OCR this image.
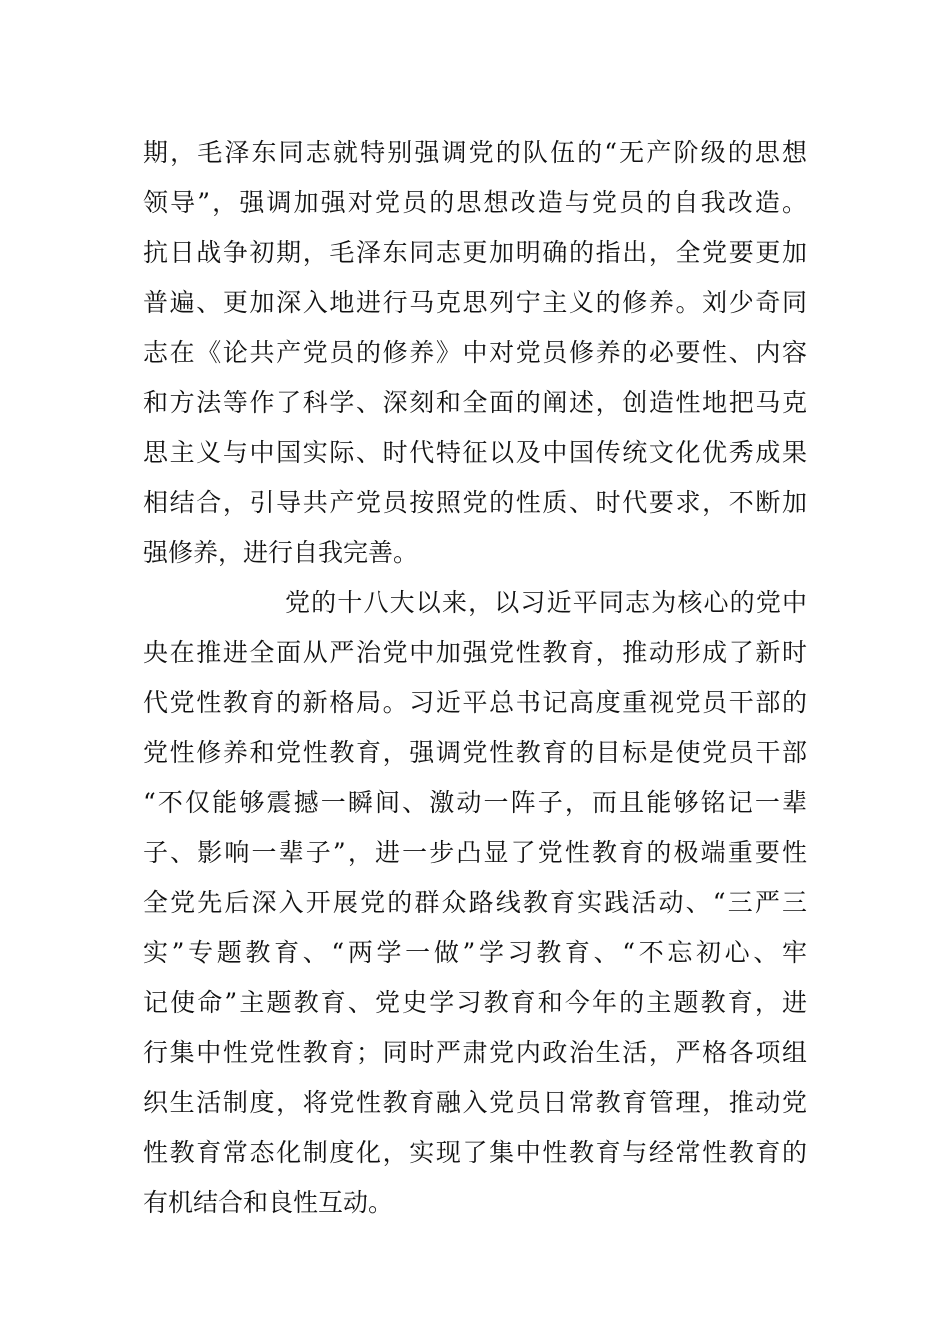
期，毛泽东同志就特别强调党的队伍的“无产阶级的思想
领导”，强调加强对党员的思想改造与党员的自我改造。
抗日战争初期，毛泽东同志更加明确的指出，全党要更加
普遍、更加深入地进行马克思列宁主义的修养。刘少奇同
志在《论共产党员的修养》中对党员修养的必要性、内容
和方法等作了科学、深刻和全面的阐述，创造性地把马克
思主义与中国实际、时代特征以及中国传统文化优秀成果
相结合，引导共产党员按照党的性质、时代要求，不断加
强修养，进行自我完善。
党的十八大以来，以习近平同志为核心的党中
央在推进全面从严治党中加强党性教育，推动形成了新时
代党性教育的新格局。习近平总书记高度重视党员干部的
党性修养和党性教育，强调党性教育的目标是使党员干部
“不仅能够震撼一瞬间、激动一阵子，而且能够铭记一辈
子、影响一辈子”，进一步凸显了党性教育的极端重要性
全党先后深入开展党的群众路线教育实践活动、“三严三
实”专题教育、“两学一做”学习教育、“不忘初心、牢
记使命”主题教育、党史学习教育和今年的主题教育，进
行集中性党性教育；同时严肃党内政治生活，严格各项组
织生活制度，将党性教育融入党员日常教育管理，推动党
性教育常态化制度化，实现了集中性教育与经常性教育的
有机结合和良性互动。
